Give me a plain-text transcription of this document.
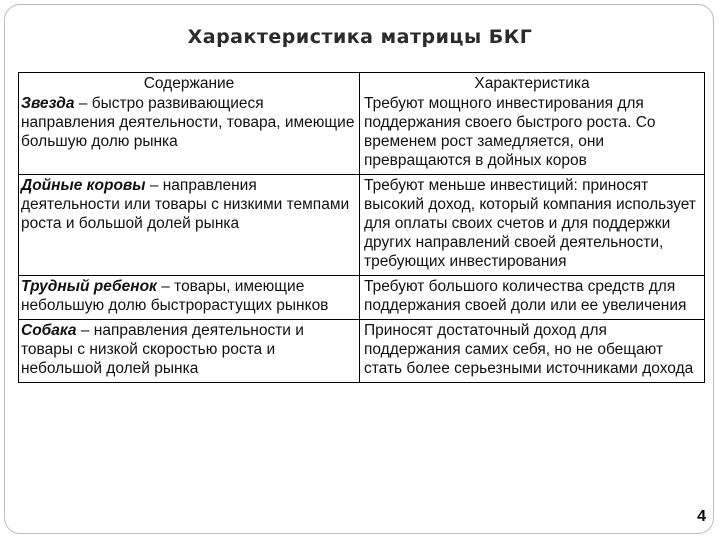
Характеристика матрицы БКГ
Содержание	Характеристика
Звезда – быстро развивающиеся направления деятельности, товара, имеющие большую долю рынка	Требуют мощного инвестирования для поддержания своего быстрого роста. Со временем рост замедляется, они превращаются в дойных коров
Дойные коровы – направления деятельности или товары с низкими темпами роста и большой долей рынка	Требуют меньше инвестиций: приносят высокий доход, который компания использует для оплаты своих счетов и для поддержки других направлений своей деятельности, требующих инвестирования
Трудный ребенок – товары, имеющие небольшую долю быстрорастущих рынков	Требуют большого количества средств для поддержания своей доли или ее увеличения
Собака – направления деятельности и товары с низкой скоростью роста и небольшой долей рынка	Приносят достаточный доход для поддержания самих себя, но не обещают стать более серьезными источниками дохода
4
